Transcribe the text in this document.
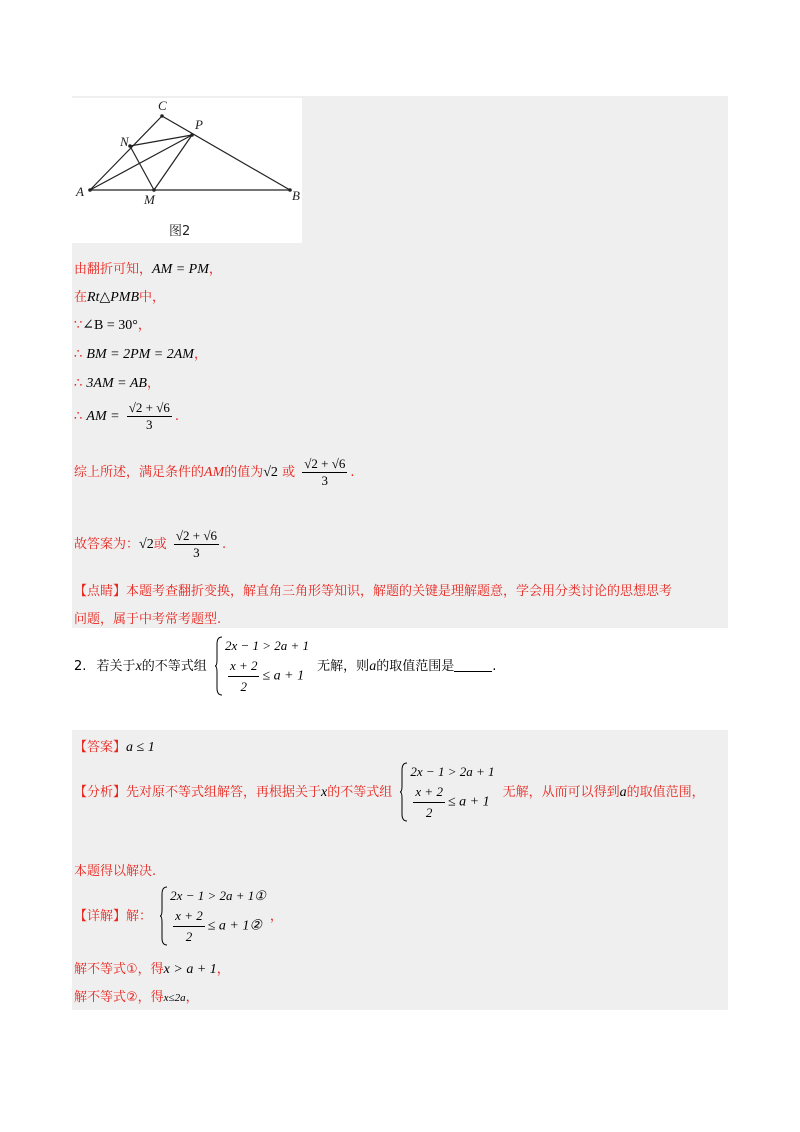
C
N
P
A
M	B
图2
由翻折可知，AM = PM，
在Rt△PMB中，
∵∠B = 30°，
∴ BM = 2PM = 2AM，
∴ 3AM = AB，
∴ AM = $\frac{√2 + √6}{3}$ .
综上所述，满足条件的AM的值为√2 或 $\frac{√2 + √6}{3}$ .
故答案为：√2或 $\frac{√2 + √6}{3}$ .
【点睛】本题考查翻折变换，解直角三角形等知识，解题的关键是理解题意，学会用分类讨论的思想思考
问题，属于中考常考题型.
2. 若关于x的不等式组
2x − 1 > 2a + 1
$\frac{x + 2}{2} \le a + 1$
无解，则a的取值范围是	.
【答案】a ≤ 1
【分析】先对原不等式组解答，再根据关于x的不等式组
2x − 1 > 2a + 1
$\frac{x + 2}{2} \le a + 1$
无解，从而可以得到a的取值范围，
本题得以解决.
【详解】解：
2x − 1 > 2a + 1①
$\frac{x + 2}{2} \le a$ + 1②
，
解不等式①，得x > a + 1，
解不等式②，得x≤2a，
